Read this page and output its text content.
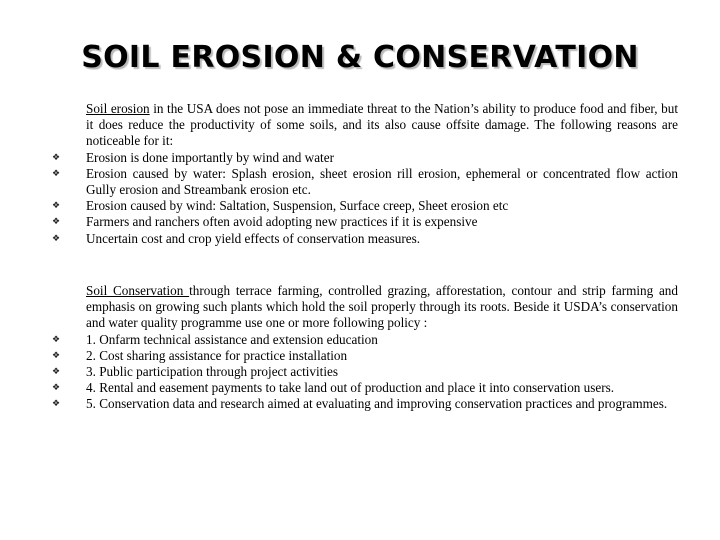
SOIL EROSION & CONSERVATION

Soil erosion in the USA does not pose an immediate threat to the Nation’s ability to produce food and fiber, but it does reduce the productivity of some soils, and its also cause offsite damage. The following reasons are noticeable for it:

❖ Erosion is done importantly by wind and water
❖ Erosion caused by water: Splash erosion, sheet erosion rill erosion, ephemeral or concentrated flow action Gully erosion and Streambank erosion etc.
❖ Erosion caused by wind: Saltation, Suspension, Surface creep, Sheet erosion etc
❖ Farmers and ranchers often avoid adopting new practices if it is expensive
❖ Uncertain cost and crop yield effects of conservation measures.

Soil Conservation through terrace farming, controlled grazing, afforestation, contour and strip farming and emphasis on growing such plants which hold the soil properly through its roots. Beside it USDA’s conservation and water quality programme use one or more following policy :

❖ 1. Onfarm technical assistance and extension education
❖ 2. Cost sharing assistance for practice installation
❖ 3. Public participation through project activities
❖ 4. Rental and easement payments to take land out of production and place it into conservation users.
❖ 5. Conservation data and research aimed at evaluating and improving conservation practices and programmes.
